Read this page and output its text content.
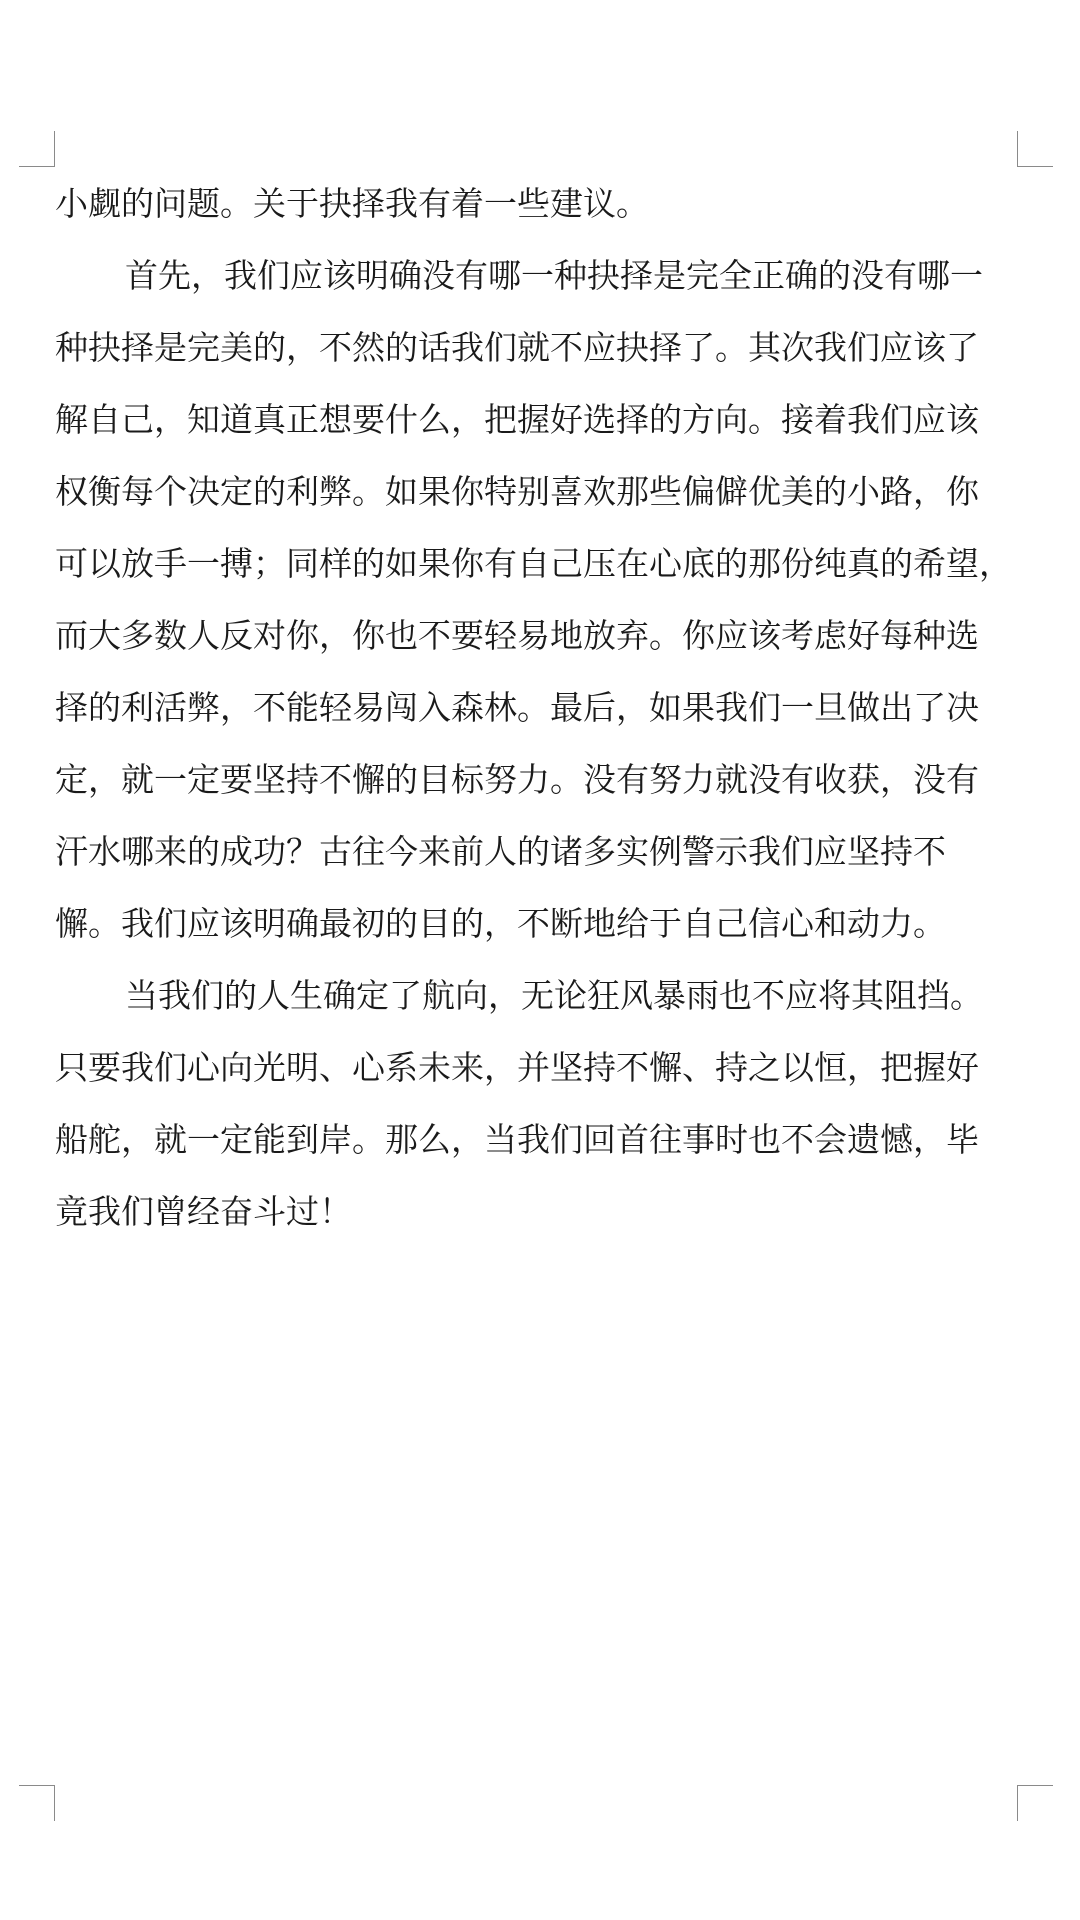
小觑的问题。关于抉择我有着一些建议。
首先，我们应该明确没有哪一种抉择是完全正确的没有哪一
种抉择是完美的，不然的话我们就不应抉择了。其次我们应该了
解自己，知道真正想要什么，把握好选择的方向。接着我们应该
权衡每个决定的利弊。如果你特别喜欢那些偏僻优美的小路，你
可以放手一搏；同样的如果你有自己压在心底的那份纯真的希望，
而大多数人反对你，你也不要轻易地放弃。你应该考虑好每种选
择的利活弊，不能轻易闯入森林。最后，如果我们一旦做出了决
定，就一定要坚持不懈的目标努力。没有努力就没有收获，没有
汗水哪来的成功？古往今来前人的诸多实例警示我们应坚持不
懈。我们应该明确最初的目的，不断地给于自己信心和动力。
当我们的人生确定了航向，无论狂风暴雨也不应将其阻挡。
只要我们心向光明、心系未来，并坚持不懈、持之以恒，把握好
船舵，就一定能到岸。那么，当我们回首往事时也不会遗憾，毕
竟我们曾经奋斗过！
